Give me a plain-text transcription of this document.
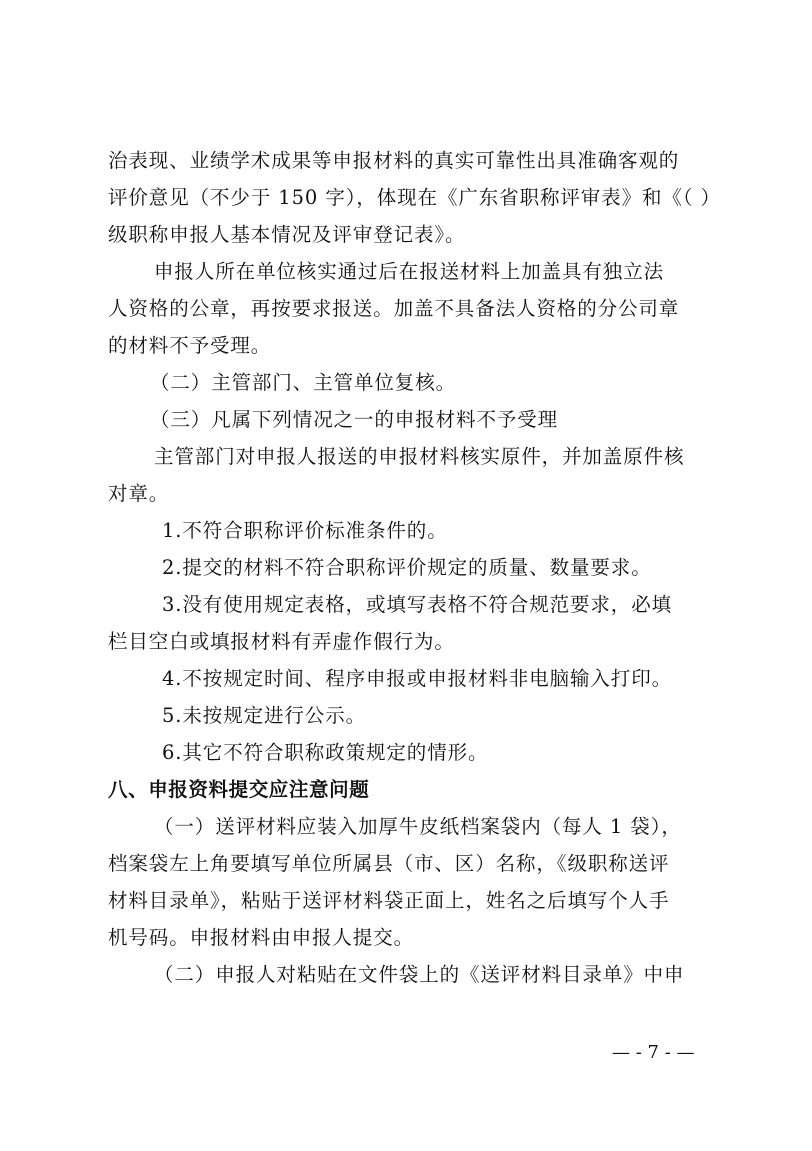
治表现、业绩学术成果等申报材料的真实可靠性出具准确客观的
评价意见（不少于 150 字），体现在《广东省职称评审表》和《（ ）
级职称申报人基本情况及评审登记表》。
申报人所在单位核实通过后在报送材料上加盖具有独立法
人资格的公章，再按要求报送。加盖不具备法人资格的分公司章
的材料不予受理。
（二）主管部门、主管单位复核。
（三）凡属下列情况之一的申报材料不予受理
主管部门对申报人报送的申报材料核实原件，并加盖原件核
对章。
1.不符合职称评价标准条件的。
2.提交的材料不符合职称评价规定的质量、数量要求。
3.没有使用规定表格，或填写表格不符合规范要求，必填
栏目空白或填报材料有弄虚作假行为。
4.不按规定时间、程序申报或申报材料非电脑输入打印。
5.未按规定进行公示。
6.其它不符合职称政策规定的情形。
八、申报资料提交应注意问题
（一）送评材料应装入加厚牛皮纸档案袋内（每人 1 袋），
档案袋左上角要填写单位所属县（市、区）名称，《级职称送评
材料目录单》，粘贴于送评材料袋正面上，姓名之后填写个人手
机号码。申报材料由申报人提交。
（二）申报人对粘贴在文件袋上的《送评材料目录单》中申
— - 7 - —
